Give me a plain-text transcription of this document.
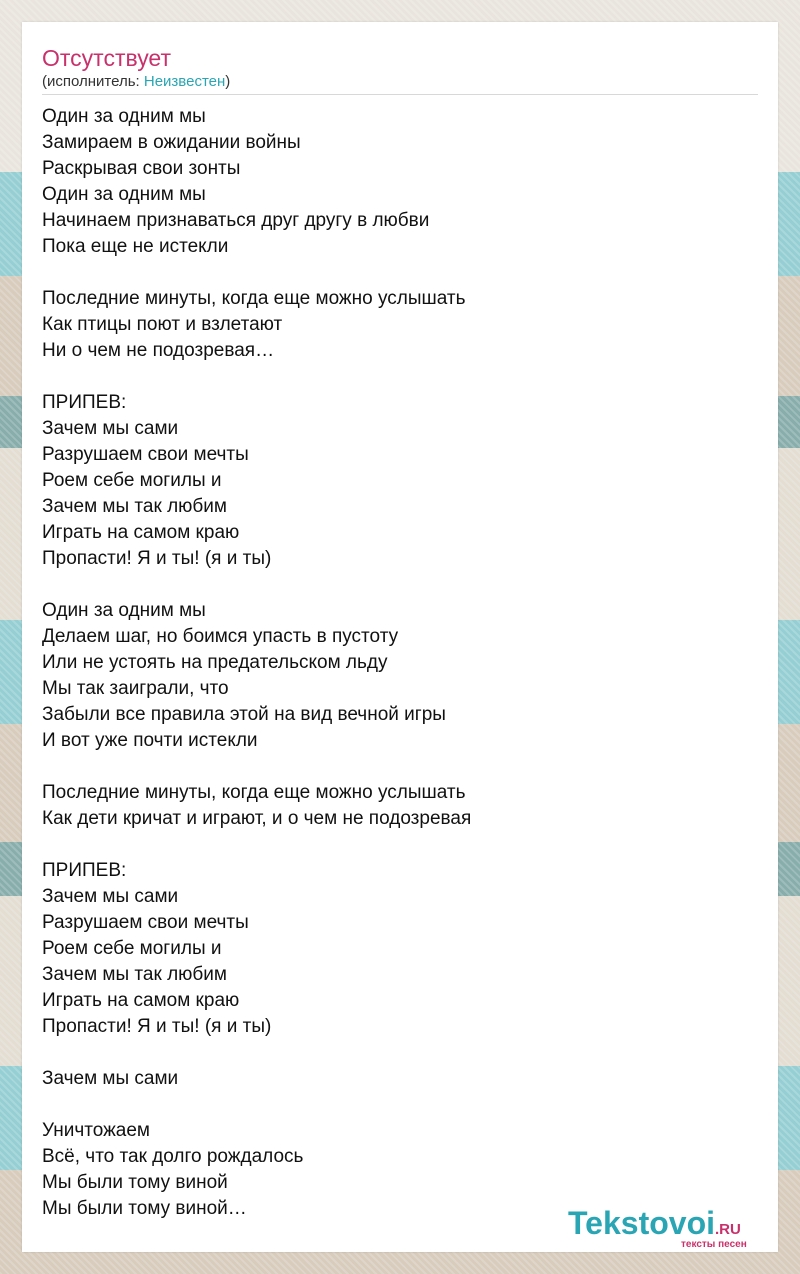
Отсутствует
(исполнитель: Неизвестен)
Один за одним мы
Замираем в ожидании войны
Раскрывая свои зонты
Один за одним мы
Начинаем признаваться друг другу в любви
Пока еще не истекли

Последние минуты, когда еще можно услышать
Как птицы поют и взлетают
Ни о чем не подозревая…

ПРИПЕВ:
Зачем мы сами
Разрушаем свои мечты
Роем себе могилы и
Зачем мы так любим
Играть на самом краю
Пропасти! Я и ты! (я и ты)

Один за одним мы
Делаем шаг, но боимся упасть в пустоту
Или не устоять на предательском льду
Мы так заиграли, что
Забыли все правила этой на вид вечной игры
И вот уже почти истекли

Последние минуты, когда еще можно услышать
Как дети кричат и играют, и о чем не подозревая

ПРИПЕВ:
Зачем мы сами
Разрушаем свои мечты
Роем себе могилы и
Зачем мы так любим
Играть на самом краю
Пропасти! Я и ты! (я и ты)

Зачем мы сами

Уничтожаем
Всё, что так долго рождалось
Мы были тому виной
Мы были тому виной…	Tekstovoi.RU
тексты песен
